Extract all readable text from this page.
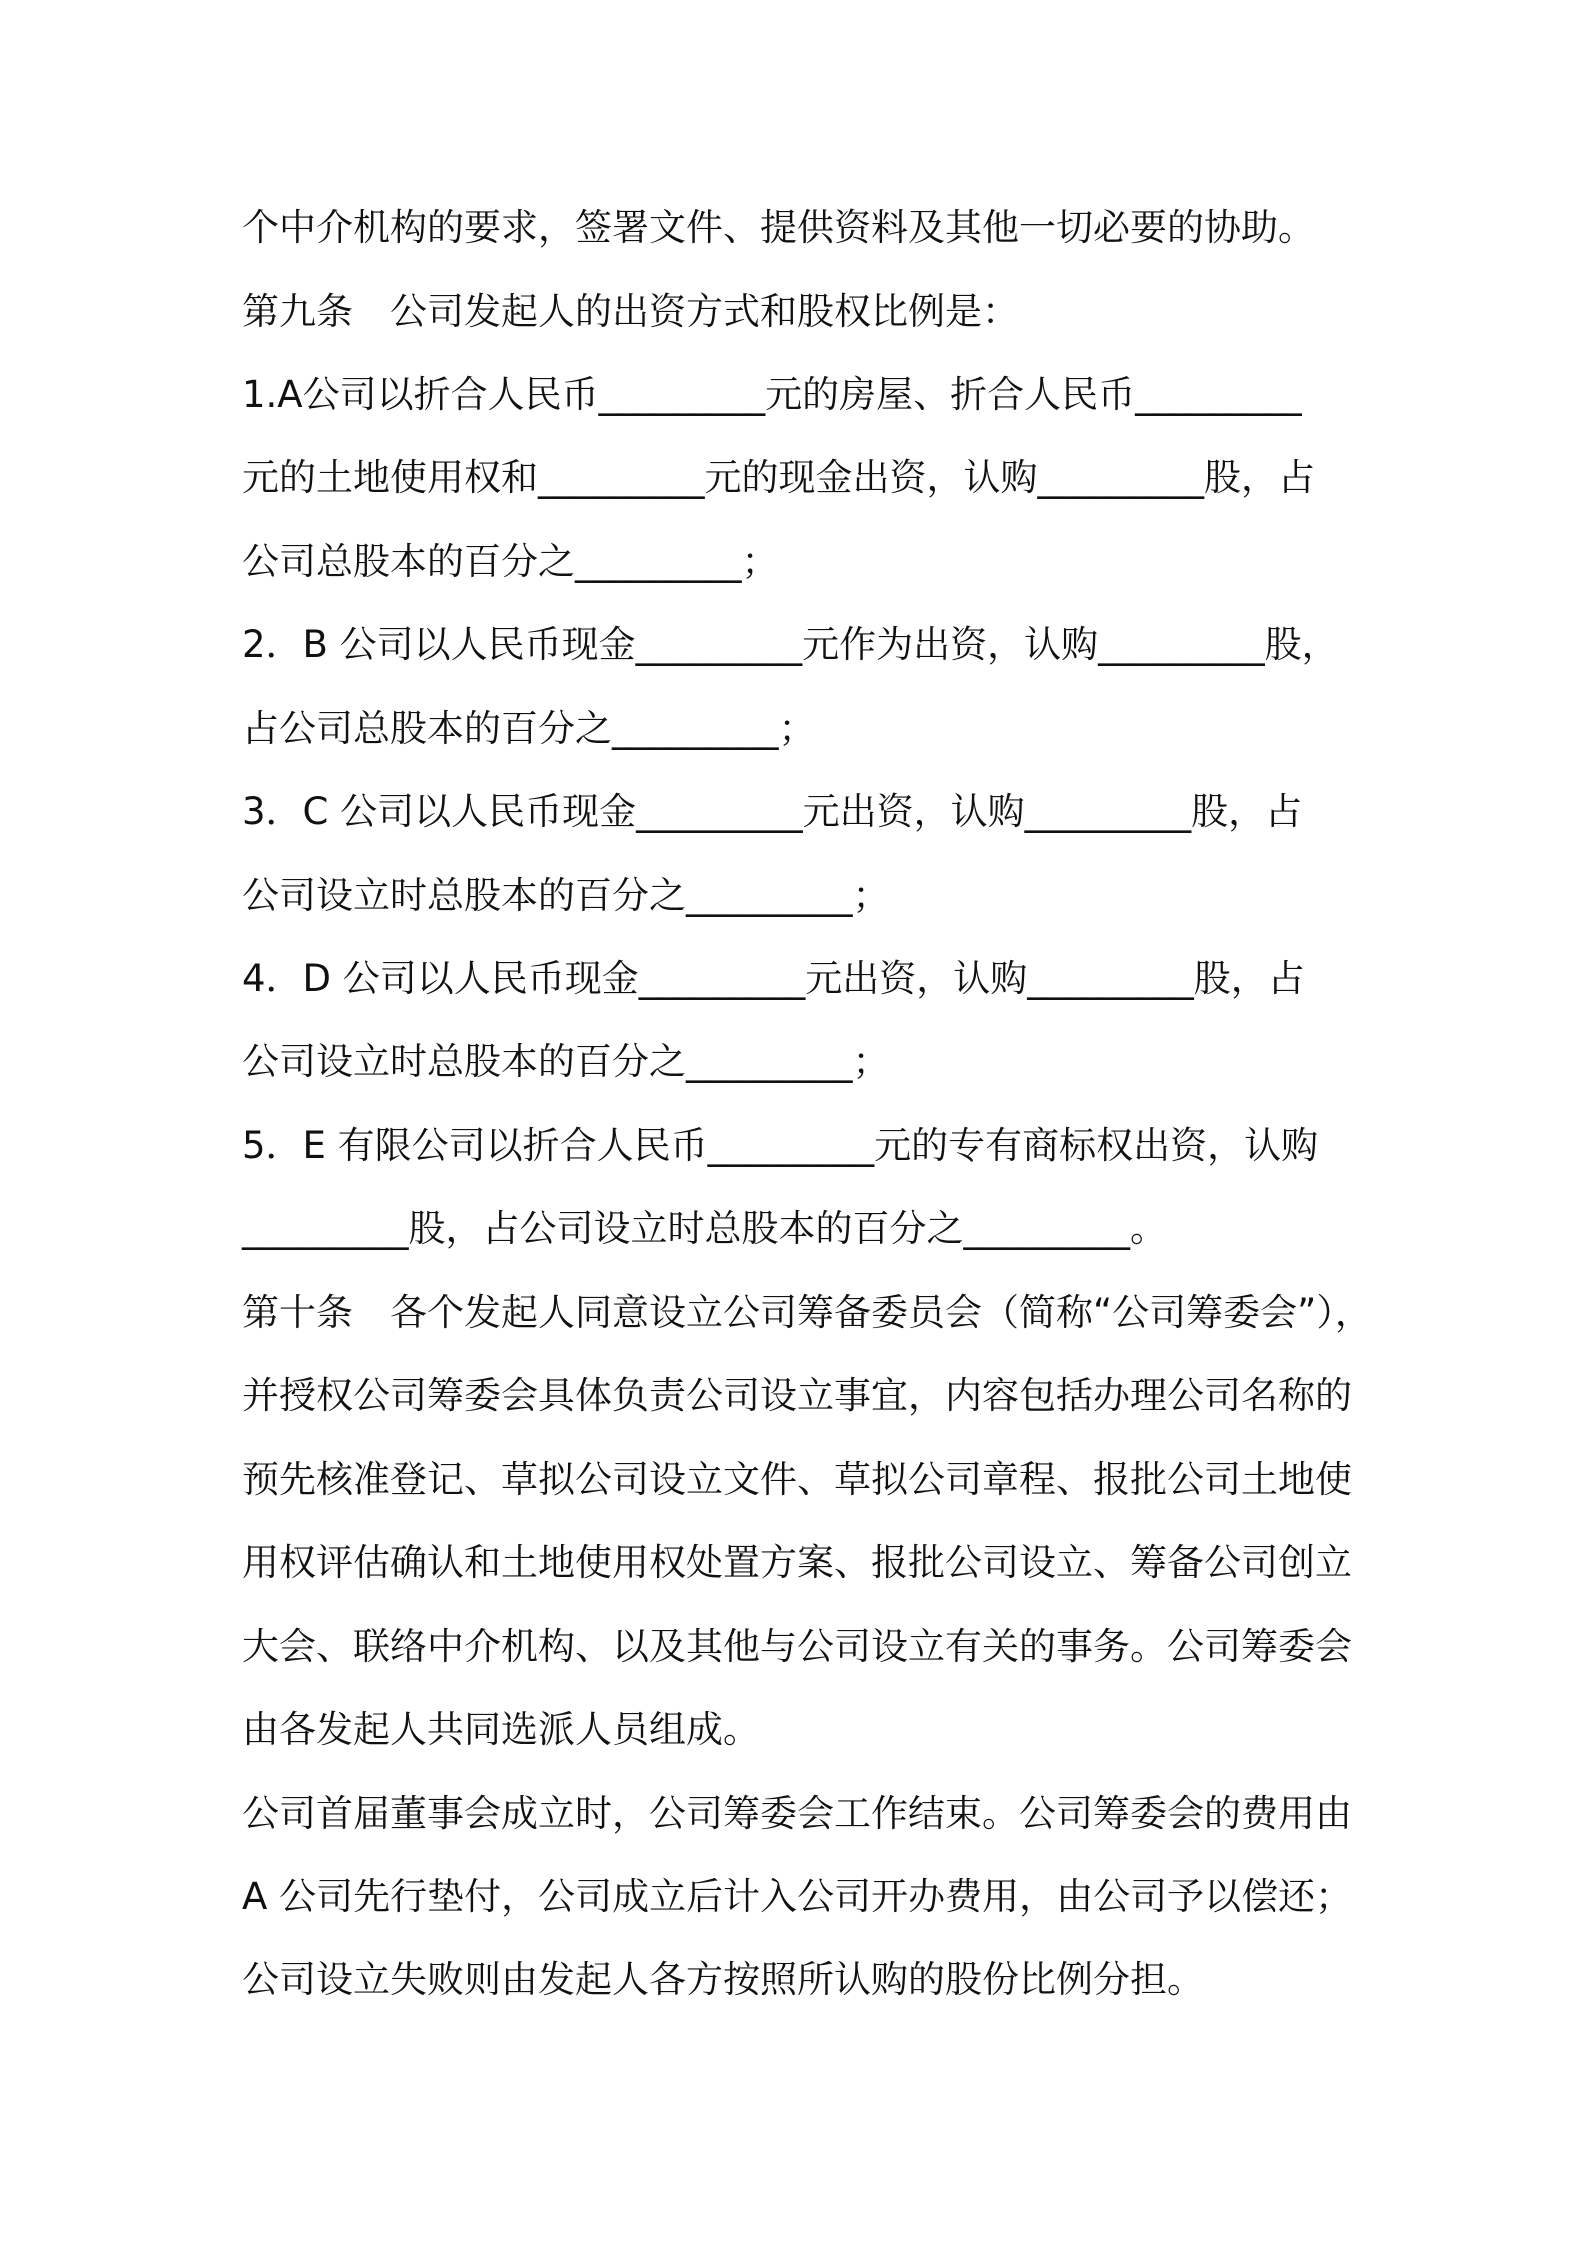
个中介机构的要求，签署文件、提供资料及其他一切必要的协助。
第九条　公司发起人的出资方式和股权比例是：
1.A公司以折合人民币_________元的房屋、折合人民币_________
元的土地使用权和_________元的现金出资，认购_________股，占
公司总股本的百分之_________；
2．B 公司以人民币现金_________元作为出资，认购_________股，
占公司总股本的百分之_________；
3．C 公司以人民币现金_________元出资，认购_________股，占
公司设立时总股本的百分之_________；
4．D 公司以人民币现金_________元出资，认购_________股，占
公司设立时总股本的百分之_________；
5．E 有限公司以折合人民币_________元的专有商标权出资，认购
_________股，占公司设立时总股本的百分之_________。
第十条　各个发起人同意设立公司筹备委员会（简称“公司筹委会”），
并授权公司筹委会具体负责公司设立事宜，内容包括办理公司名称的
预先核准登记、草拟公司设立文件、草拟公司章程、报批公司土地使
用权评估确认和土地使用权处置方案、报批公司设立、筹备公司创立
大会、联络中介机构、以及其他与公司设立有关的事务。公司筹委会
由各发起人共同选派人员组成。
公司首届董事会成立时，公司筹委会工作结束。公司筹委会的费用由
A 公司先行垫付，公司成立后计入公司开办费用，由公司予以偿还；
公司设立失败则由发起人各方按照所认购的股份比例分担。
